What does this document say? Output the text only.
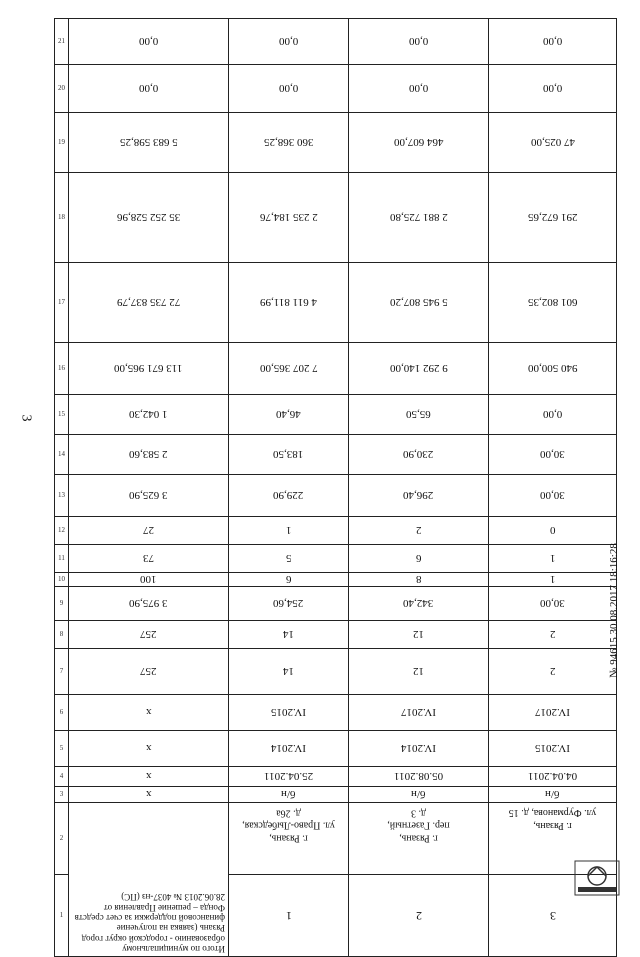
3
21	0,00	0,00	0,00	0,00
20	0,00	0,00	0,00	0,00
19	5 683 598,25	360 368,25	464 607,00	47 025,00
18	35 252 528,96	2 235 184,76	2 881 725,80	291 672,65
17	72 735 837,79	4 611 811,99	5 945 807,20	601 802,35
16	113 671 965,00	7 207 365,00	9 292 140,00	940 500,00
15	1 042,30	46,40	65,50	0,00
14	2 583,60	183,50	230,90	30,00
13	3 625,90	229,90	296,40	30,00
12	27	1	2	0
11	73	5	6	1
10	100	6	8	1
9	3 975,90	254,60	342,40	30,00
8	257	14	12	2
7	257	14	12	2
6	x	IV.2015	IV.2017	IV.2017
5	x	IV.2014	IV.2014	IV.2015
4	x	25.04.2011	05.08.2011	04.04.2011
3	x	б/н	б/н	б/н
2	Итого по муниципальному образованию - городской округ город Рязань (заявка на получение финансовой поддержки за счет средств Фонда – решение Правления от 28.06.2013 № 4037-нз (ПС)	г. Рязань,
ул. Право-Лыбедская,
д. 26а	г. Рязань,
пер. Газетный,
д. 3	г. Рязань,
ул. Фурманова, д. 15

1		1	2	3
№ 94615 30.08.2017 18:16:28
